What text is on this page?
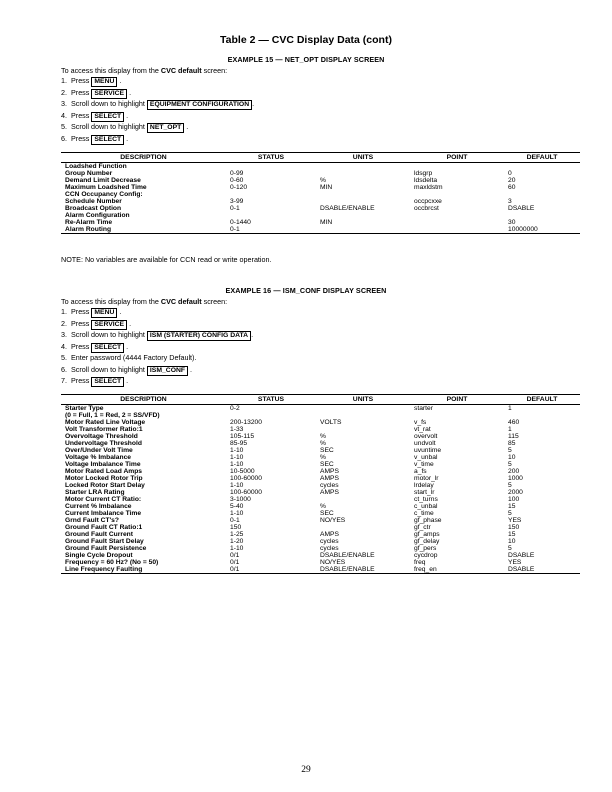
Table 2 — CVC Display Data (cont)
EXAMPLE 15 — NET_OPT DISPLAY SCREEN
To access this display from the CVC default screen:
1. Press MENU .
2. Press SERVICE .
3. Scroll down to highlight EQUIPMENT CONFIGURATION .
4. Press SELECT .
5. Scroll down to highlight NET_OPT .
6. Press SELECT .
DESCRIPTION	STATUS	UNITS	POINT	DEFAULT
Loadshed Function				
Group Number	0-99		ldsgrp	0
Demand Limit Decrease	0-60	%	ldsdelta	20
Maximum Loadshed Time	0-120	MIN	maxldstm	60
CCN Occupancy Config:				
Schedule Number	3-99		occpcxxe	3
Broadcast Option	0-1	DSABLE/ENABLE	occbrcst	DSABLE
Alarm Configuration				
Re-Alarm Time	0-1440	MIN		30
Alarm Routing	0-1			10000000
NOTE: No variables are available for CCN read or write operation.
EXAMPLE 16 — ISM_CONF DISPLAY SCREEN
To access this display from the CVC default screen:
1. Press MENU .
2. Press SERVICE .
3. Scroll down to highlight ISM (STARTER) CONFIG DATA .
4. Press SELECT .
5. Enter password (4444 Factory Default).
6. Scroll down to highlight ISM_CONF .
7. Press SELECT .
DESCRIPTION	STATUS	UNITS	POINT	DEFAULT
Starter Type	0-2		starter	1
(0 = Full, 1 = Red, 2 = SS/VFD)				
Motor Rated Line Voltage	200-13200	VOLTS	v_fs	460
Volt Transformer Ratio:1	1-33		vt_rat	1
Overvoltage Threshold	105-115	%	overvolt	115
Undervoltage Threshold	85-95	%	undvolt	85
Over/Under Volt Time	1-10	SEC	uvuntime	5
Voltage % Imbalance	1-10	%	v_unbal	10
Voltage Imbalance Time	1-10	SEC	v_time	5
Motor Rated Load Amps	10-5000	AMPS	a_fs	200
Motor Locked Rotor Trip	100-60000	AMPS	motor_lr	1000
Locked Rotor Start Delay	1-10	cycles	lrdelay	5
Starter LRA Rating	100-60000	AMPS	start_lr	2000
Motor Current CT Ratio:	3-1000		ct_turns	100
Current % Imbalance	5-40	%	c_unbal	15
Current Imbalance Time	1-10	SEC	c_time	5
Grnd Fault CT's?	0-1	NO/YES	gf_phase	YES
Ground Fault CT Ratio:1	150		gf_ctr	150
Ground Fault Current	1-25	AMPS	gf_amps	15
Ground Fault Start Delay	1-20	cycles	gf_delay	10
Ground Fault Persistence	1-10	cycles	gf_pers	5
Single Cycle Dropout	0/1	DSABLE/ENABLE	cycdrop	DSABLE
Frequency = 60 Hz? (No = 50)	0/1	NO/YES	freq	YES
Line Frequency Faulting	0/1	DSABLE/ENABLE	freq_en	DSABLE
29
